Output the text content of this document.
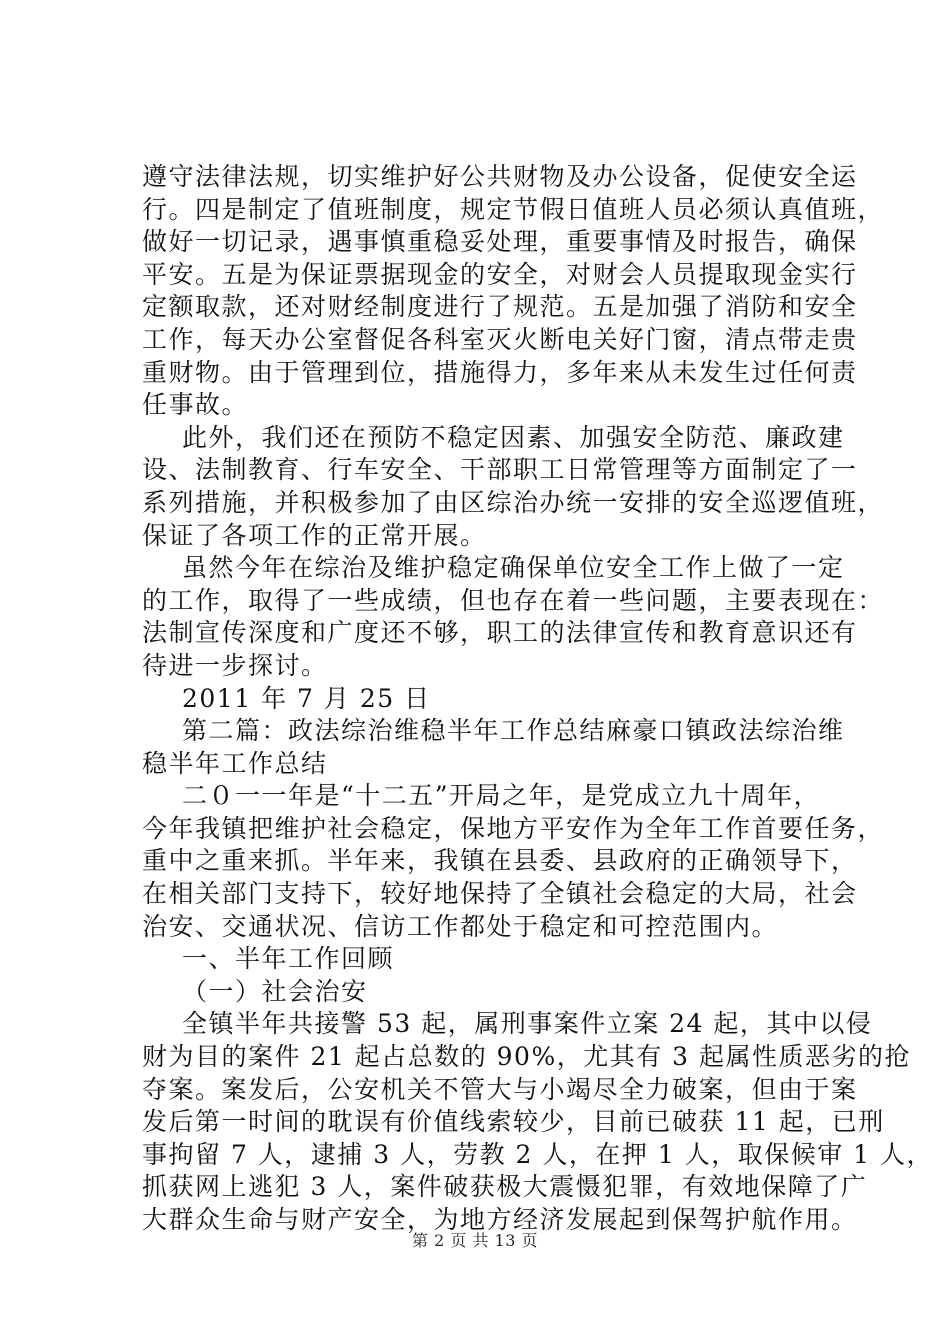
遵守法律法规，切实维护好公共财物及办公设备，促使安全运
行。四是制定了值班制度，规定节假日值班人员必须认真值班，
做好一切记录，遇事慎重稳妥处理，重要事情及时报告，确保
平安。五是为保证票据现金的安全，对财会人员提取现金实行
定额取款，还对财经制度进行了规范。五是加强了消防和安全
工作，每天办公室督促各科室灭火断电关好门窗，清点带走贵
重财物。由于管理到位，措施得力，多年来从未发生过任何责
任事故。
此外，我们还在预防不稳定因素、加强安全防范、廉政建
设、法制教育、行车安全、干部职工日常管理等方面制定了一
系列措施，并积极参加了由区综治办统一安排的安全巡逻值班，
保证了各项工作的正常开展。
虽然今年在综治及维护稳定确保单位安全工作上做了一定
的工作，取得了一些成绩，但也存在着一些问题，主要表现在：
法制宣传深度和广度还不够，职工的法律宣传和教育意识还有
待进一步探讨。
2011 年 7 月 25 日
第二篇：政法综治维稳半年工作总结麻豪口镇政法综治维
稳半年工作总结
二０一一年是“十二五”开局之年，是党成立九十周年，
今年我镇把维护社会稳定，保地方平安作为全年工作首要任务，
重中之重来抓。半年来，我镇在县委、县政府的正确领导下，
在相关部门支持下，较好地保持了全镇社会稳定的大局，社会
治安、交通状况、信访工作都处于稳定和可控范围内。
一、半年工作回顾
（一）社会治安
全镇半年共接警 53 起，属刑事案件立案 24 起，其中以侵
财为目的案件 21 起占总数的 90%，尤其有 3 起属性质恶劣的抢
夺案。案发后，公安机关不管大与小竭尽全力破案，但由于案
发后第一时间的耽误有价值线索较少，目前已破获 11 起，已刑
事拘留 7 人，逮捕 3 人，劳教 2 人，在押 1 人，取保候审 1 人，
抓获网上逃犯 3 人，案件破获极大震慑犯罪，有效地保障了广
大群众生命与财产安全，为地方经济发展起到保驾护航作用。
第 2 页 共 13 页
